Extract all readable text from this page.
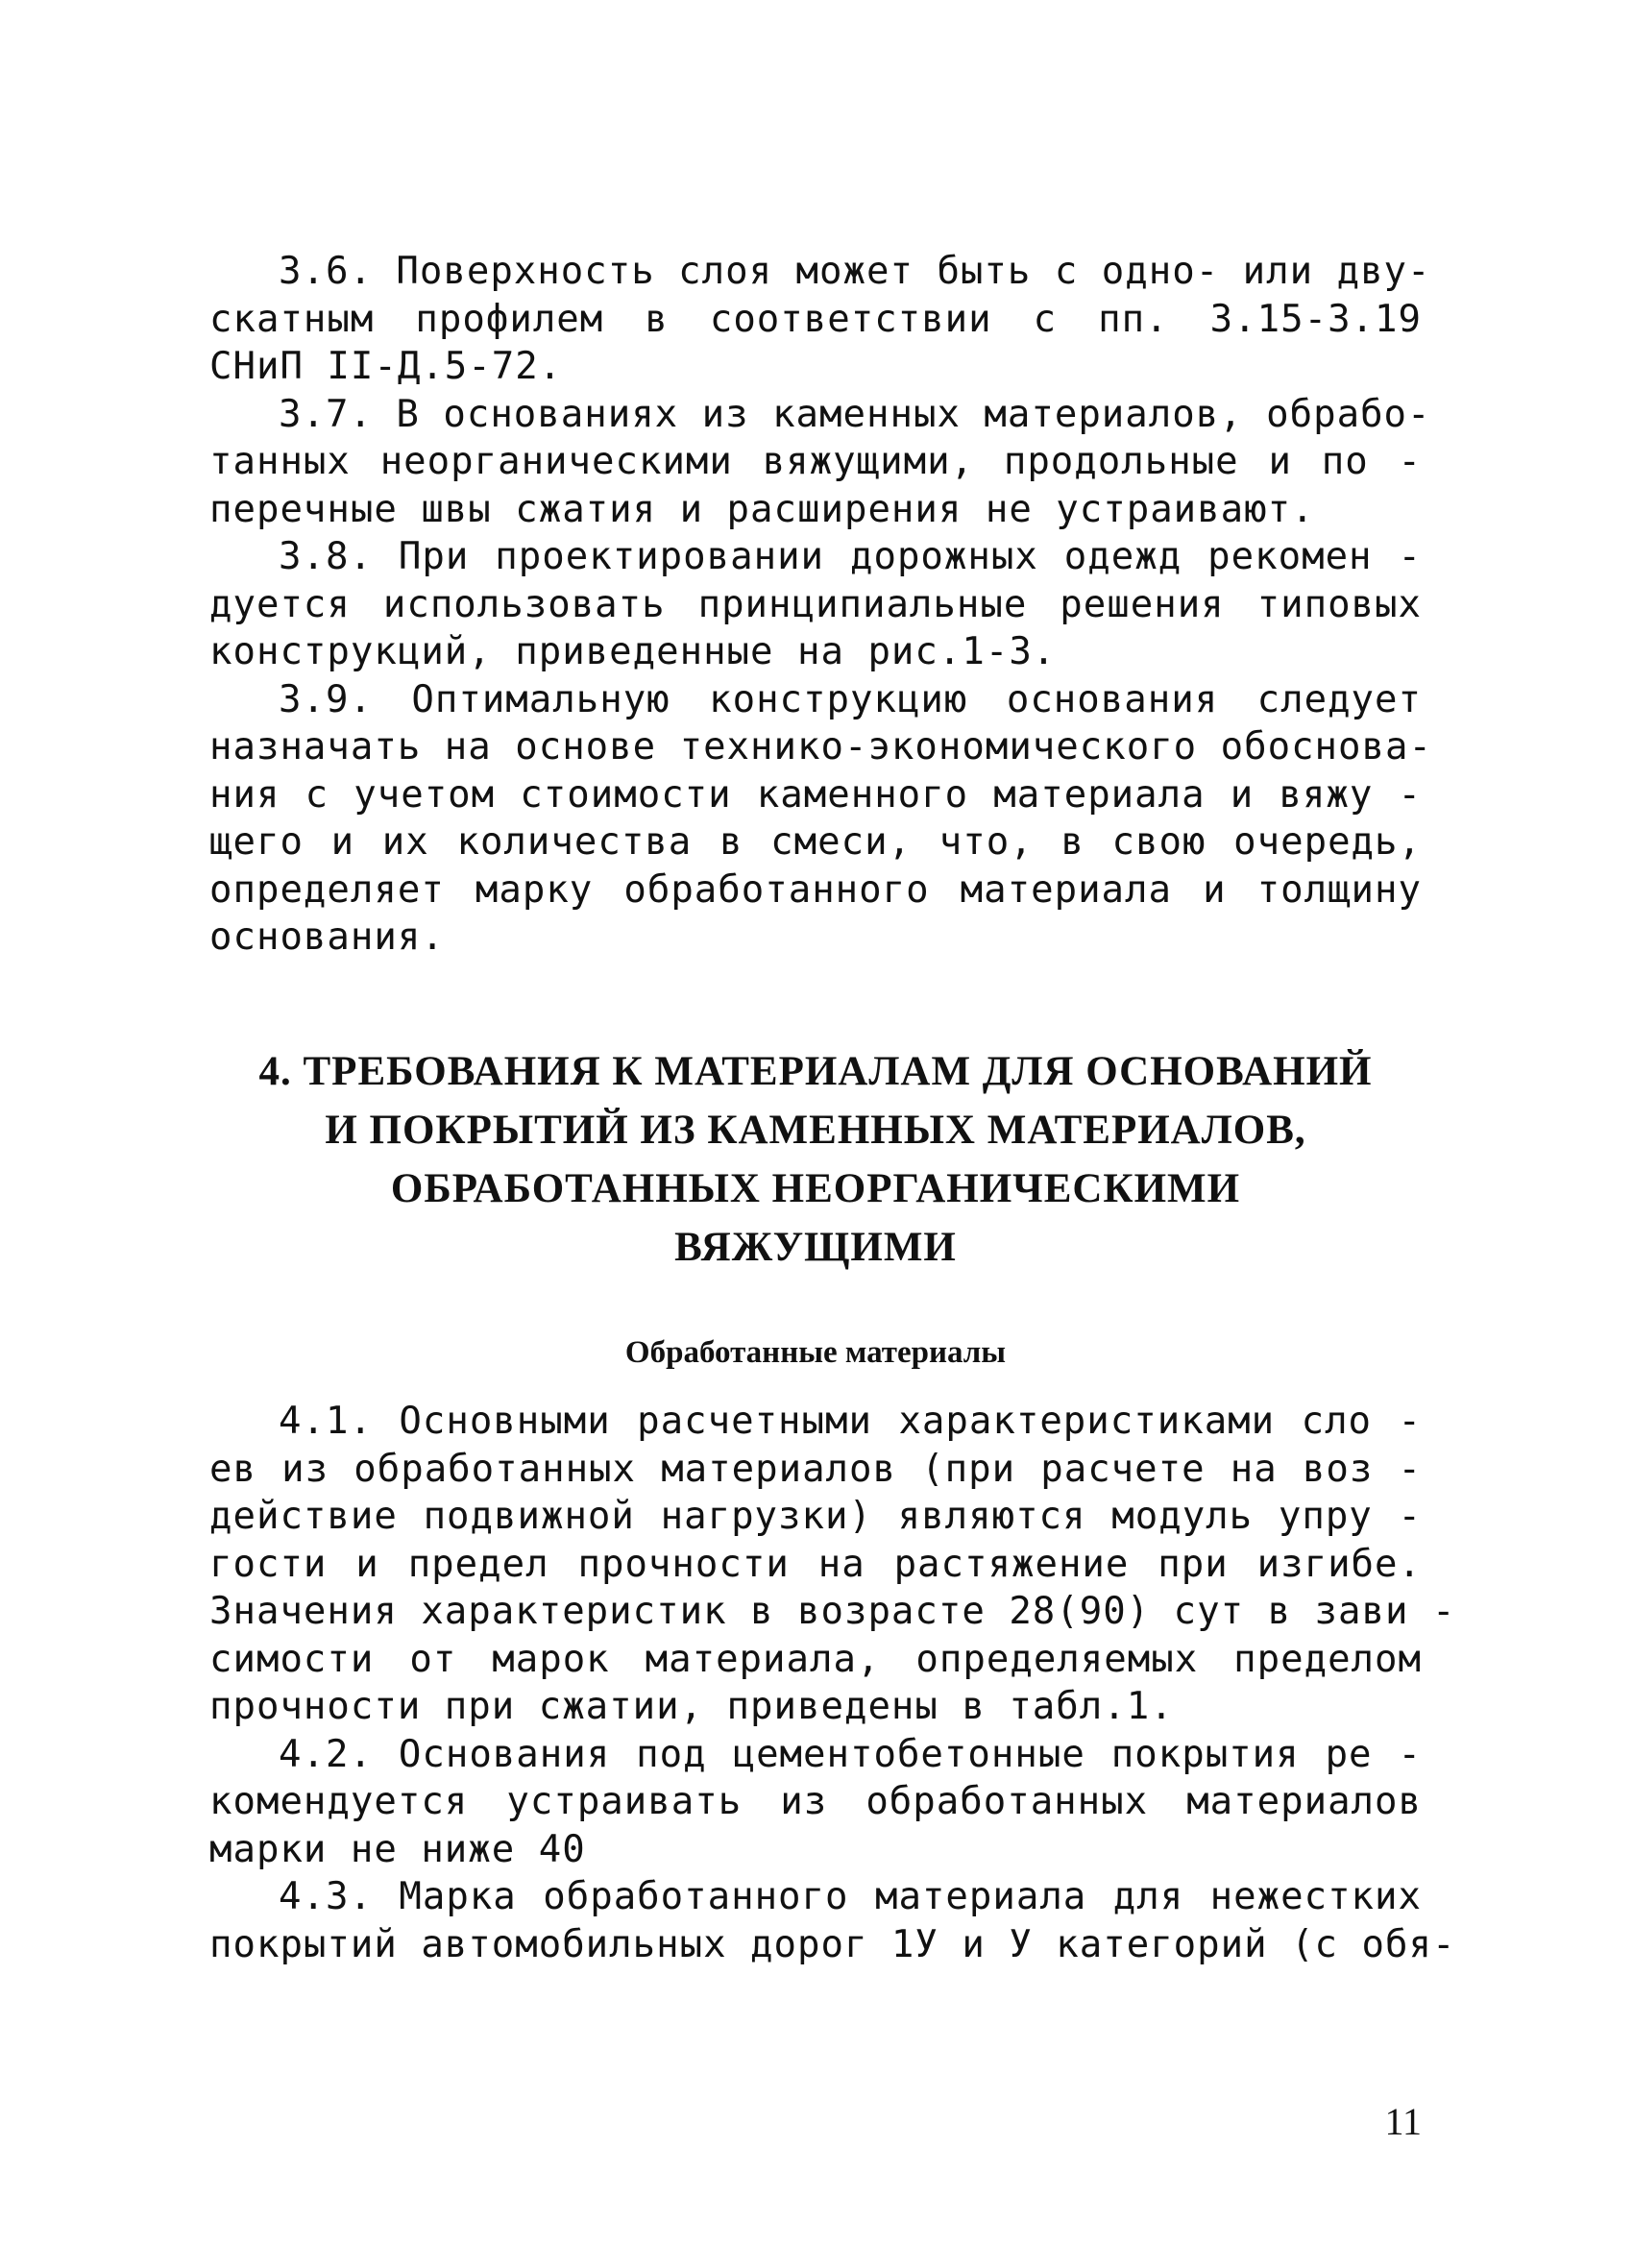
3.6. Поверхность слоя может быть с одно- или дву-
скатным профилем в соответствии с пп. 3.15-3.19
СНиП II-Д.5-72.
3.7. В основаниях из каменных материалов, обрабо-
танных неорганическими вяжущими, продольные и по -
перечные швы сжатия и расширения не устраивают.
3.8. При проектировании дорожных одежд рекомен -
дуется использовать принципиальные решения типовых
конструкций, приведенные на рис.1-3.
3.9. Оптимальную конструкцию основания следует
назначать на основе технико-экономического обоснова-
ния с учетом стоимости каменного материала и вяжу -
щего и их количества в смеси, что, в свою очередь,
определяет марку обработанного материала и толщину
основания.
4. ТРЕБОВАНИЯ К МАТЕРИАЛАМ ДЛЯ ОСНОВАНИЙ
И ПОКРЫТИЙ ИЗ КАМЕННЫХ МАТЕРИАЛОВ,
ОБРАБОТАННЫХ НЕОРГАНИЧЕСКИМИ
ВЯЖУЩИМИ
Обработанные материалы
4.1. Основными расчетными характеристиками сло -
ев из обработанных материалов (при расчете на воз -
действие подвижной нагрузки) являются модуль упру -
гости и предел прочности на растяжение при изгибе.
Значения характеристик в возрасте 28(90) сут в зави -
симости от марок материала, определяемых пределом
прочности при сжатии, приведены в табл.1.
4.2. Основания под цементобетонные покрытия ре -
комендуется устраивать из обработанных материалов
марки не ниже 40
4.3. Марка обработанного материала для нежестких
покрытий автомобильных дорог 1У и У категорий (с обя-
11
